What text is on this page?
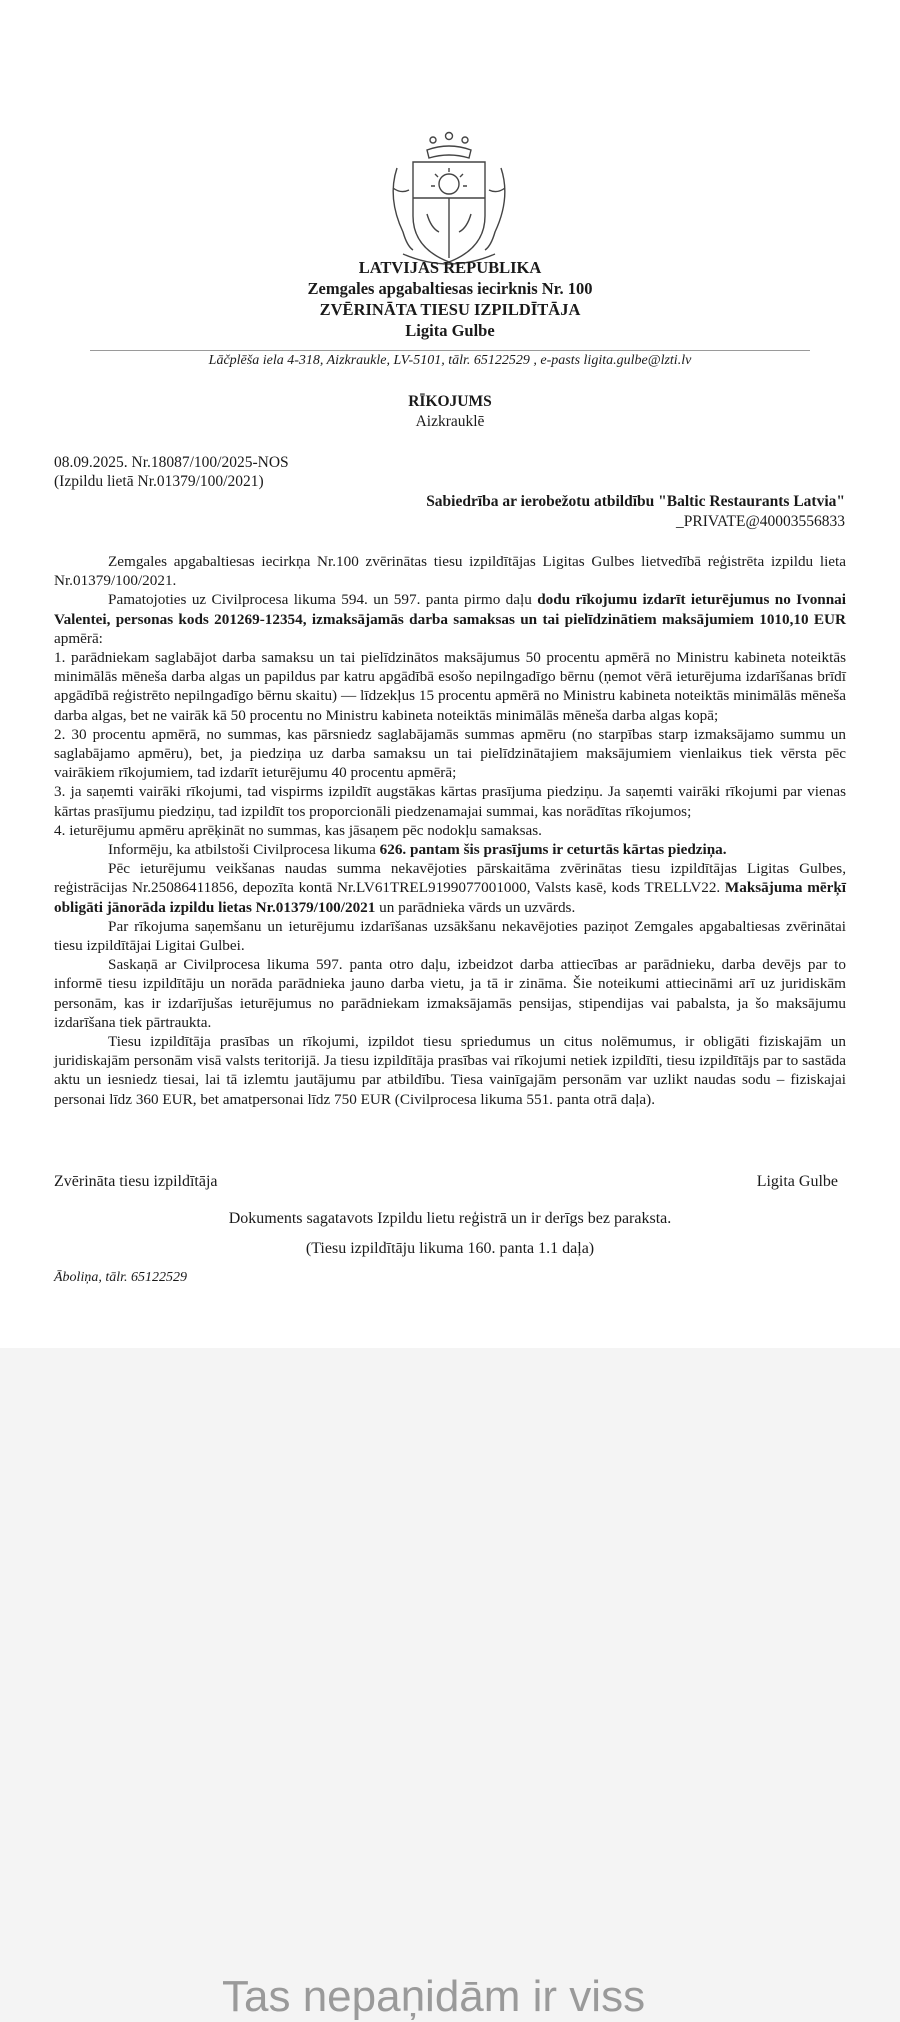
LATVIJAS REPUBLIKA
Zemgales apgabaltiesas iecirknis Nr. 100
ZVĒRINĀTA TIESU IZPILDĪTĀJA
Ligita Gulbe
Lāčplēša iela 4-318, Aizkraukle, LV-5101, tālr. 65122529 , e-pasts ligita.gulbe@lzti.lv
RĪKOJUMS
Aizkrauklē
08.09.2025. Nr.18087/100/2025-NOS
(Izpildu lietā Nr.01379/100/2021)
Sabiedrība ar ierobežotu atbildību "Baltic Restaurants Latvia"
_PRIVATE@40003556833

Zemgales apgabaltiesas iecirkņa Nr.100 zvērinātas tiesu izpildītājas Ligitas Gulbes lietvedībā reģistrēta izpildu lieta Nr.01379/100/2021.

Pamatojoties uz Civilprocesa likuma 594. un 597. panta pirmo daļu dodu rīkojumu izdarīt ieturējumus no Ivonnai Valentei, personas kods 201269-12354, izmaksājamās darba samaksas un tai pielīdzinātiem maksājumiem 1010,10 EUR apmērā:

1. parādniekam saglabājot darba samaksu un tai pielīdzinātos maksājumus 50 procentu apmērā no Ministru kabineta noteiktās minimālās mēneša darba algas un papildus par katru apgādībā esošo nepilngadīgo bērnu (ņemot vērā ieturējuma izdarīšanas brīdī apgādībā reģistrēto nepilngadīgo bērnu skaitu) — līdzekļus 15 procentu apmērā no Ministru kabineta noteiktās minimālās mēneša darba algas, bet ne vairāk kā 50 procentu no Ministru kabineta noteiktās minimālās mēneša darba algas kopā;

2. 30 procentu apmērā, no summas, kas pārsniedz saglabājamās summas apmēru (no starpības starp izmaksājamo summu un saglabājamo apmēru), bet, ja piedziņa uz darba samaksu un tai pielīdzinātajiem maksājumiem vienlaikus tiek vērsta pēc vairākiem rīkojumiem, tad izdarīt ieturējumu 40 procentu apmērā;

3. ja saņemti vairāki rīkojumi, tad vispirms izpildīt augstākas kārtas prasījuma piedziņu. Ja saņemti vairāki rīkojumi par vienas kārtas prasījumu piedziņu, tad izpildīt tos proporcionāli piedzenamajai summai, kas norādītas rīkojumos;

4. ieturējumu apmēru aprēķināt no summas, kas jāsaņem pēc nodokļu samaksas.

Informēju, ka atbilstoši Civilprocesa likuma 626. pantam šis prasījums ir ceturtās kārtas piedziņa.

Pēc ieturējumu veikšanas naudas summa nekavējoties pārskaitāma zvērinātas tiesu izpildītājas Ligitas Gulbes, reģistrācijas Nr.25086411856, depozīta kontā Nr.LV61TREL9199077001000, Valsts kasē, kods TRELLV22. Maksājuma mērķī obligāti jānorāda izpildu lietas Nr.01379/100/2021 un parādnieka vārds un uzvārds.

Par rīkojuma saņemšanu un ieturējumu izdarīšanas uzsākšanu nekavējoties paziņot Zemgales apgabaltiesas zvērinātai tiesu izpildītājai Ligitai Gulbei.

Saskaņā ar Civilprocesa likuma 597. panta otro daļu, izbeidzot darba attiecības ar parādnieku, darba devējs par to informē tiesu izpildītāju un norāda parādnieka jauno darba vietu, ja tā ir zināma. Šie noteikumi attiecināmi arī uz juridiskām personām, kas ir izdarījušas ieturējumus no parādniekam izmaksājamās pensijas, stipendijas vai pabalsta, ja šo maksājumu izdarīšana tiek pārtraukta.

Tiesu izpildītāja prasības un rīkojumi, izpildot tiesu spriedumus un citus nolēmumus, ir obligāti fiziskajām un juridiskajām personām visā valsts teritorijā. Ja tiesu izpildītāja prasības vai rīkojumi netiek izpildīti, tiesu izpildītājs par to sastāda aktu un iesniedz tiesai, lai tā izlemtu jautājumu par atbildību. Tiesa vainīgajām personām var uzlikt naudas sodu – fiziskajai personai līdz 360 EUR, bet amatpersonai līdz 750 EUR (Civilprocesa likuma 551. panta otrā daļa).

Zvērināta tiesu izpildītāja	Ligita Gulbe
Dokuments sagatavots Izpildu lietu reģistrā un ir derīgs bez paraksta.
(Tiesu izpildītāju likuma 160. panta 1.1 daļa)
Āboliņa, tālr. 65122529
Tas nepaņidām ir viss
